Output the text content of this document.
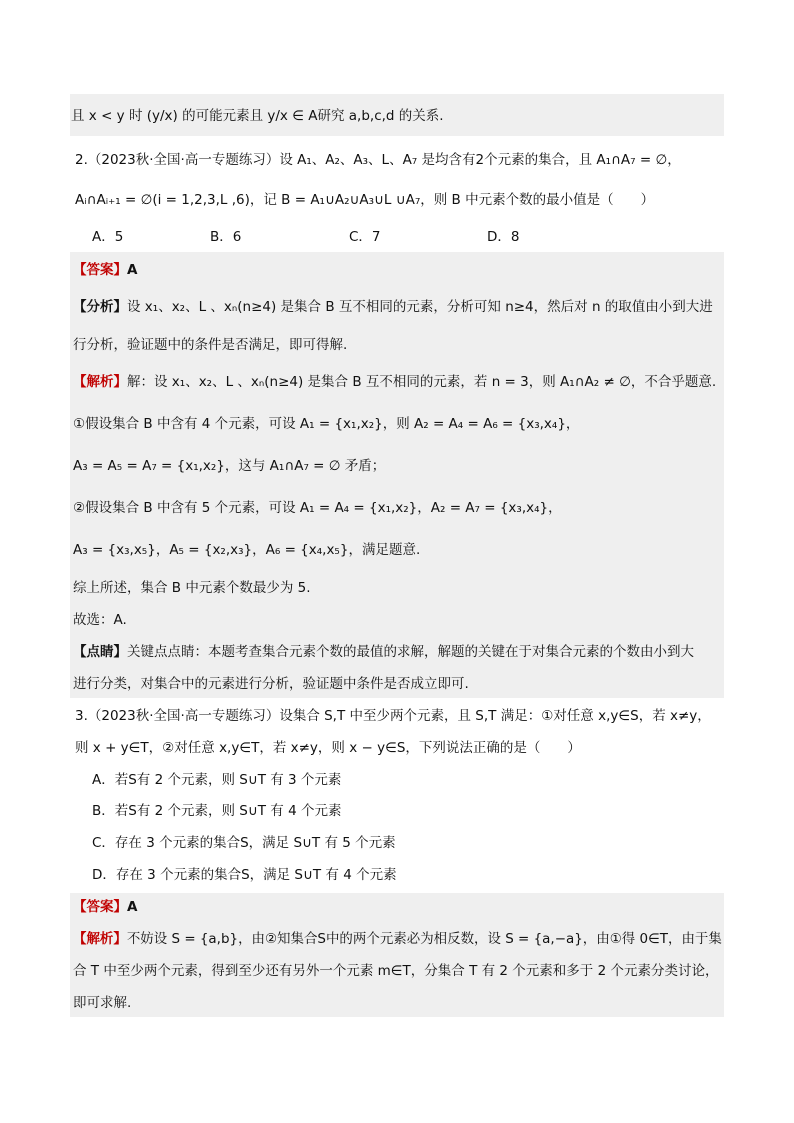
且 x < y 时 (y/x) 的可能元素且 y/x ∈ A研究 a,b,c,d 的关系.
2.（2023秋·全国·高一专题练习）设 A₁、A₂、A₃、L、A₇ 是均含有2个元素的集合，且 A₁∩A₇ = ∅，
Aᵢ∩Aᵢ₊₁ = ∅(i = 1,2,3,L ,6)，记 B = A₁∪A₂∪A₃∪L ∪A₇，则 B 中元素个数的最小值是（　　）
A．5	B．6	C．7	D．8
【答案】A
【分析】设 x₁、x₂、L 、xₙ(n≥4) 是集合 B 互不相同的元素，分析可知 n≥4，然后对 n 的取值由小到大进
行分析，验证题中的条件是否满足，即可得解.
【解析】解：设 x₁、x₂、L 、xₙ(n≥4) 是集合 B 互不相同的元素，若 n = 3，则 A₁∩A₂ ≠ ∅，不合乎题意.
①假设集合 B 中含有 4 个元素，可设 A₁ = {x₁,x₂}，则 A₂ = A₄ = A₆ = {x₃,x₄}，
A₃ = A₅ = A₇ = {x₁,x₂}，这与 A₁∩A₇ = ∅ 矛盾；
②假设集合 B 中含有 5 个元素，可设 A₁ = A₄ = {x₁,x₂}，A₂ = A₇ = {x₃,x₄}，
A₃ = {x₃,x₅}，A₅ = {x₂,x₃}，A₆ = {x₄,x₅}，满足题意.
综上所述，集合 B 中元素个数最少为 5.
故选：A.
【点睛】关键点点睛：本题考查集合元素个数的最值的求解，解题的关键在于对集合元素的个数由小到大
进行分类，对集合中的元素进行分析，验证题中条件是否成立即可.
3.（2023秋·全国·高一专题练习）设集合 S,T 中至少两个元素，且 S,T 满足：①对任意 x,y∈S，若 x≠y，
则 x + y∈T，②对任意 x,y∈T，若 x≠y，则 x − y∈S，下列说法正确的是（　　）
A．若S有 2 个元素，则 S∪T 有 3 个元素
B．若S有 2 个元素，则 S∪T 有 4 个元素
C．存在 3 个元素的集合S，满足 S∪T 有 5 个元素
D．存在 3 个元素的集合S，满足 S∪T 有 4 个元素
【答案】A
【解析】不妨设 S = {a,b}，由②知集合S中的两个元素必为相反数，设 S = {a,−a}，由①得 0∈T，由于集
合 T 中至少两个元素，得到至少还有另外一个元素 m∈T，分集合 T 有 2 个元素和多于 2 个元素分类讨论，
即可求解.
